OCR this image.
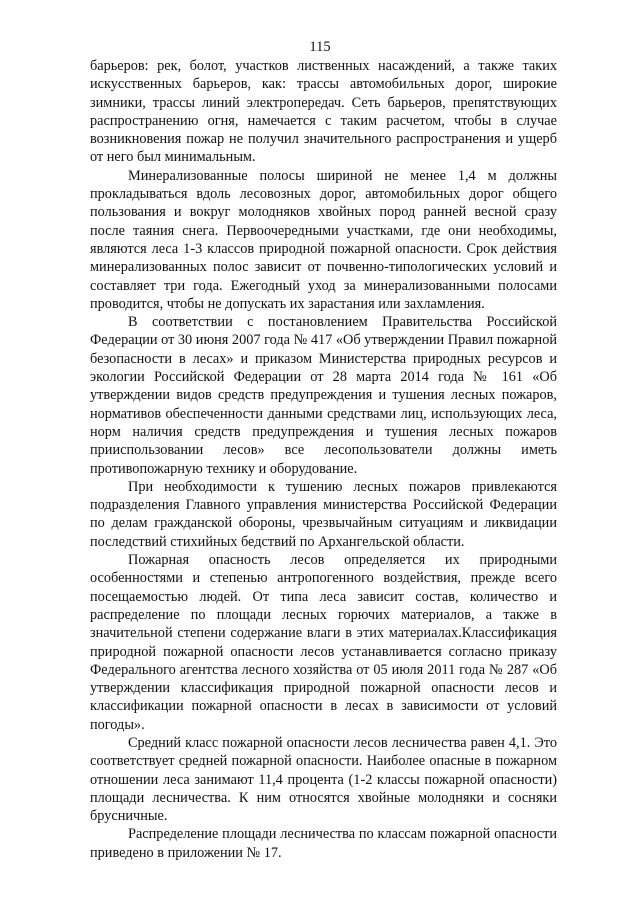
115

барьеров: рек, болот, участков лиственных насаждений, а также таких искусственных барьеров, как: трассы автомобильных дорог, широкие зимники, трассы линий электропередач. Сеть барьеров, препятствующих распространению огня, намечается с таким расчетом, чтобы в случае возникновения пожар не получил значительного распространения и ущерб от него был минимальным.

Минерализованные полосы шириной не менее 1,4 м должны прокладываться вдоль лесовозных дорог, автомобильных дорог общего пользования и вокруг молодняков хвойных пород ранней весной сразу после таяния снега. Первоочередными участками, где они необходимы, являются леса 1-3 классов природной пожарной опасности. Срок действия минерализованных полос зависит от почвенно-типологических условий и составляет три года. Ежегодный уход за минерализованными полосами проводится, чтобы не допускать их зарастания или захламления.

В соответствии с постановлением Правительства Российской Федерации от 30 июня 2007 года № 417 «Об утверждении Правил пожарной безопасности в лесах» и приказом Министерства природных ресурсов и экологии Российской Федерации от 28 марта 2014 года № 161 «Об утверждении видов средств предупреждения и тушения лесных пожаров, нормативов обеспеченности данными средствами лиц, использующих леса, норм наличия средств предупреждения и тушения лесных пожаров прииспользовании лесов» все лесопользователи должны иметь противопожарную технику и оборудование.

При необходимости к тушению лесных пожаров привлекаются подразделения Главного управления министерства Российской Федерации по делам гражданской обороны, чрезвычайным ситуациям и ликвидации последствий стихийных бедствий по Архангельской области.

Пожарная опасность лесов определяется их природными особенностями и степенью антропогенного воздействия, прежде всего посещаемостью людей. От типа леса зависит состав, количество и распределение по площади лесных горючих материалов, а также в значительной степени содержание влаги в этих материалах.Классификация природной пожарной опасности лесов устанавливается согласно приказу Федерального агентства лесного хозяйства от 05 июля 2011 года № 287 «Об утверждении классификация природной пожарной опасности лесов и классификации пожарной опасности в лесах в зависимости от условий погоды».

Средний класс пожарной опасности лесов лесничества равен 4,1. Это соответствует средней пожарной опасности. Наиболее опасные в пожарном отношении леса занимают 11,4 процента (1-2 классы пожарной опасности) площади лесничества. К ним относятся хвойные молодняки и сосняки брусничные.

Распределение площади лесничества по классам пожарной опасности приведено в приложении № 17.
